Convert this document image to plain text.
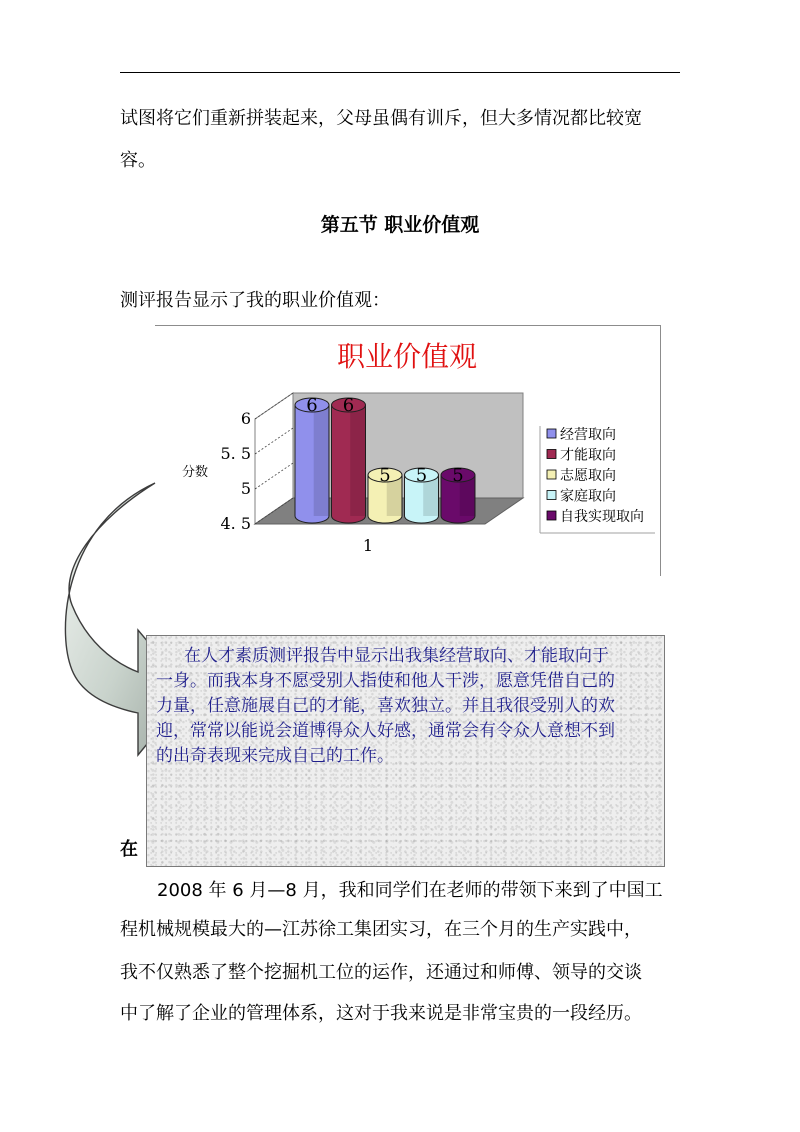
试图将它们重新拼装起来，父母虽偶有训斥，但大多情况都比较宽
容。
第五节 职业价值观
测评报告显示了我的职业价值观：
职业价值观
6
5. 5
5
4. 5
分数
1
6 6
5 5 5
经营取向
才能取向
志愿取向
家庭取向
自我实现取向
在
在人才素质测评报告中显示出我集经营取向、才能取向于
一身。而我本身不愿受别人指使和他人干涉，愿意凭借自己的
力量，任意施展自己的才能，喜欢独立。并且我很受别人的欢
迎，常常以能说会道博得众人好感，通常会有令众人意想不到
的出奇表现来完成自己的工作。
2008 年 6 月—8 月，我和同学们在老师的带领下来到了中国工
程机械规模最大的—江苏徐工集团实习，在三个月的生产实践中，
我不仅熟悉了整个挖掘机工位的运作，还通过和师傅、领导的交谈
中了解了企业的管理体系，这对于我来说是非常宝贵的一段经历。
